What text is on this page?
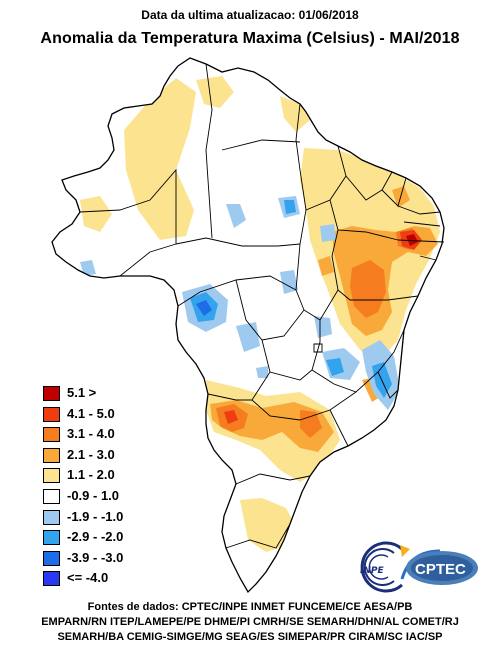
Data da ultima atualizacao: 01/06/2018
Anomalia da Temperatura Maxima (Celsius) - MAI/2018
5.1 >
4.1 - 5.0
3.1 - 4.0
2.1 - 3.0
1.1 - 2.0
-0.9 - 1.0
-1.9 - -1.0
-2.9 - -2.0
-3.9 - -3.0
<= -4.0	INPE CPTEC
Fontes de dados: CPTEC/INPE INMET FUNCEME/CE AESA/PB
EMPARN/RN ITEP/LAMEPE/PE DHME/PI CMRH/SE SEMARH/DHN/AL COMET/RJ
SEMARH/BA CEMIG-SIMGE/MG SEAG/ES SIMEPAR/PR CIRAM/SC IAC/SP
